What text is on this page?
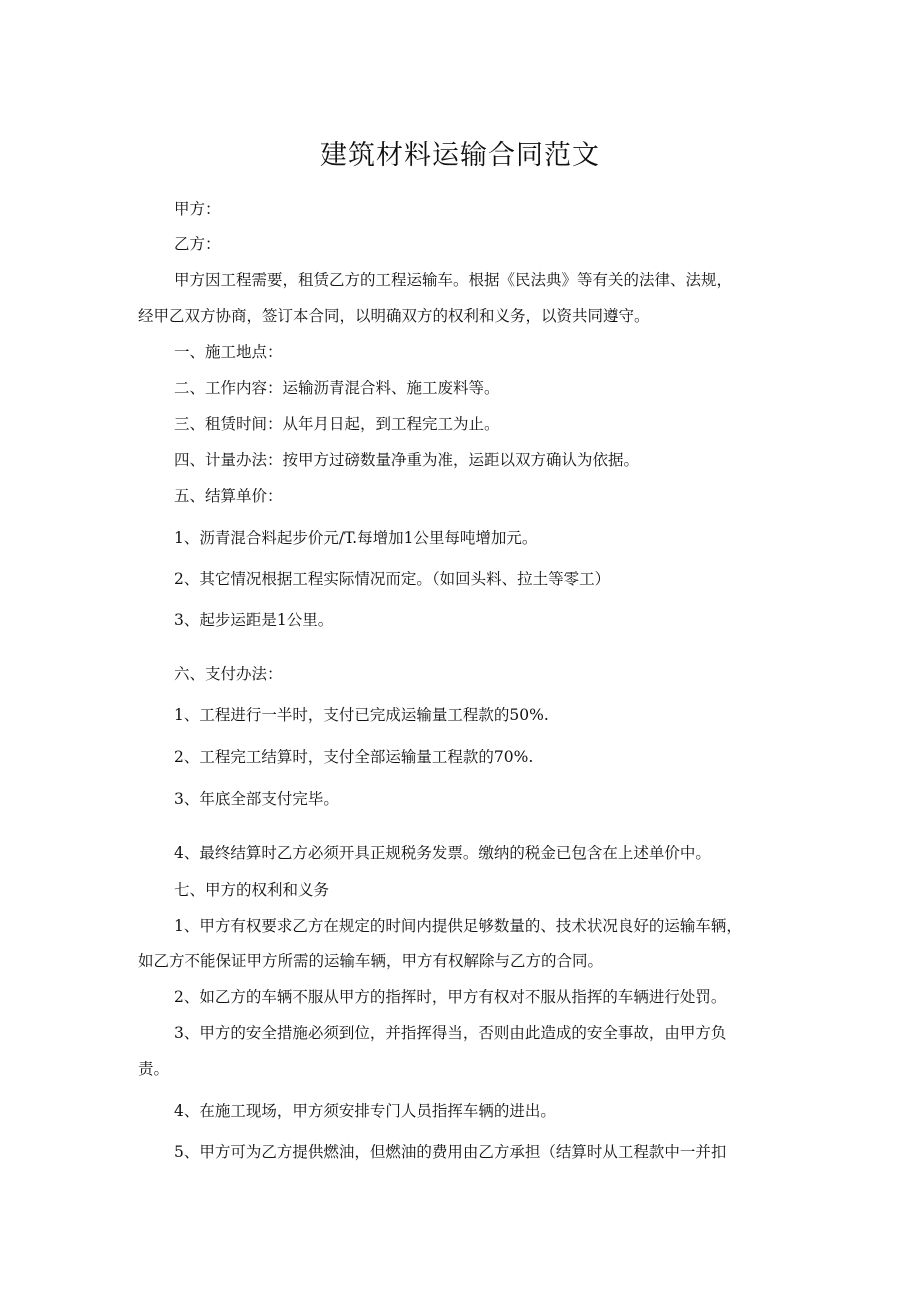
建筑材料运输合同范文
甲方：
乙方：
甲方因工程需要，租赁乙方的工程运输车。根据《民法典》等有关的法律、法规，
经甲乙双方协商，签订本合同，以明确双方的权利和义务，以资共同遵守。
一、施工地点：
二、工作内容：运输沥青混合料、施工废料等。
三、租赁时间：从年月日起，到工程完工为止。
四、计量办法：按甲方过磅数量净重为准，运距以双方确认为依据。
五、结算单价：
1、沥青混合料起步价元/T.每增加1公里每吨增加元。
2、其它情况根据工程实际情况而定。（如回头料、拉土等零工）
3、起步运距是1公里。
六、支付办法：
1、工程进行一半时，支付已完成运输量工程款的50%.
2、工程完工结算时，支付全部运输量工程款的70%.
3、年底全部支付完毕。
4、最终结算时乙方必须开具正规税务发票。缴纳的税金已包含在上述单价中。
七、甲方的权利和义务
1、甲方有权要求乙方在规定的时间内提供足够数量的、技术状况良好的运输车辆，
如乙方不能保证甲方所需的运输车辆，甲方有权解除与乙方的合同。
2、如乙方的车辆不服从甲方的指挥时，甲方有权对不服从指挥的车辆进行处罚。
3、甲方的安全措施必须到位，并指挥得当，否则由此造成的安全事故，由甲方负
责。
4、在施工现场，甲方须安排专门人员指挥车辆的进出。
5、甲方可为乙方提供燃油，但燃油的费用由乙方承担（结算时从工程款中一并扣
